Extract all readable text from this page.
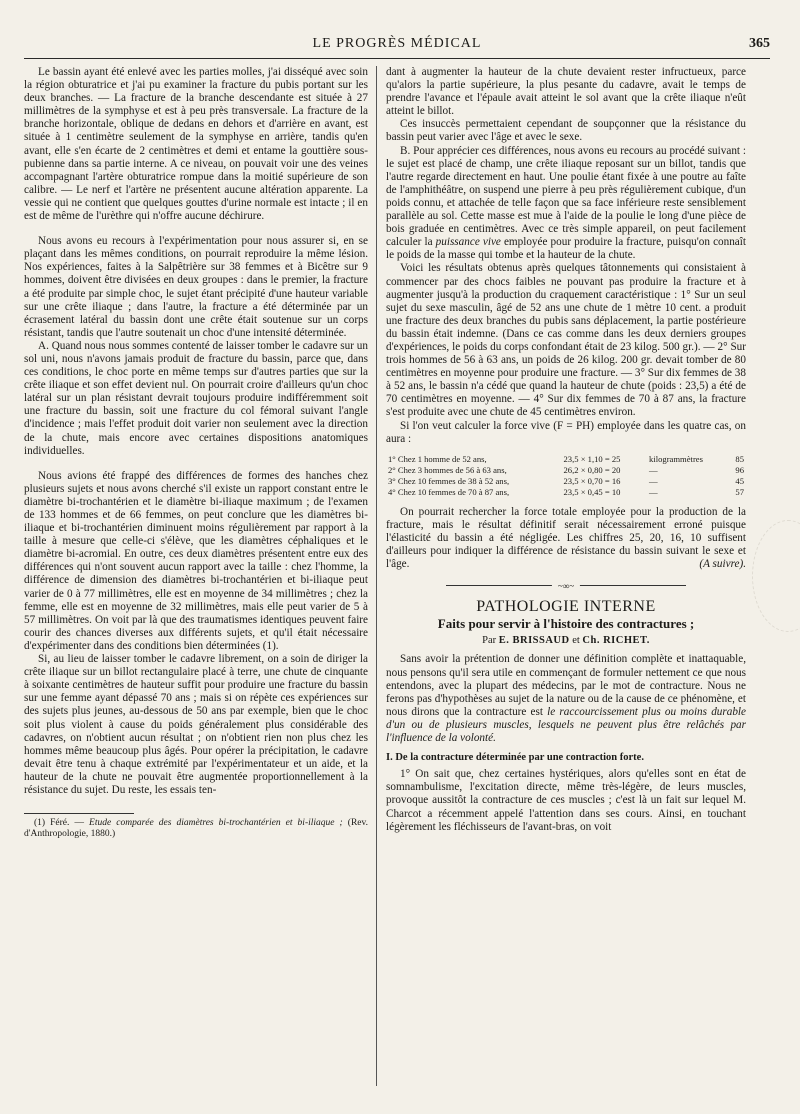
LE PROGRÈS MÉDICAL	365

Le bassin ayant été enlevé avec les parties molles, j'ai disséqué avec soin la région obturatrice et j'ai pu examiner la fracture du pubis portant sur les deux branches. — La fracture de la branche descendante est située à 27 millimètres de la symphyse et est à peu près transversale. La fracture de la branche horizontale, oblique de dedans en dehors et d'arrière en avant, est située à 1 centimètre seulement de la symphyse en arrière, tandis qu'en avant, elle s'en écarte de 2 centimètres et demi et entame la gouttière sous-pubienne dans sa partie interne. A ce niveau, on pouvait voir une des veines accompagnant l'artère obturatrice rompue dans la moitié supérieure de son calibre. — Le nerf et l'artère ne présentent aucune altération apparente. La vessie qui ne contient que quelques gouttes d'urine normale est intacte ; il en est de même de l'urèthre qui n'offre aucune déchirure.

Nous avons eu recours à l'expérimentation pour nous assurer si, en se plaçant dans les mêmes conditions, on pourrait reproduire la même lésion. Nos expériences, faites à la Salpêtrière sur 38 femmes et à Bicêtre sur 9 hommes, doivent être divisées en deux groupes : dans le premier, la fracture a été produite par simple choc, le sujet étant précipité d'une hauteur variable sur une crête iliaque ; dans l'autre, la fracture a été déterminée par un écrasement latéral du bassin dont une crête était soutenue sur un corps résistant, tandis que l'autre soutenait un choc d'une intensité déterminée.

A. Quand nous nous sommes contenté de laisser tomber le cadavre sur un sol uni, nous n'avons jamais produit de fracture du bassin, parce que, dans ces conditions, le choc porte en même temps sur d'autres parties que sur la crête iliaque et son effet devient nul. On pourrait croire d'ailleurs qu'un choc latéral sur un plan résistant devrait toujours produire indifféremment soit une fracture du bassin, soit une fracture du col fémoral suivant l'angle d'incidence ; mais l'effet produit doit varier non seulement avec la direction de la chute, mais encore avec certaines dispositions anatomiques individuelles.

Nous avions été frappé des différences de formes des hanches chez plusieurs sujets et nous avons cherché s'il existe un rapport constant entre le diamètre bi-trochantérien et le diamètre bi-iliaque maximum ; de l'examen de 133 hommes et de 66 femmes, on peut conclure que les diamètres bi-iliaque et bi-trochantérien diminuent moins régulièrement par rapport à la taille à mesure que celle-ci s'élève, que les diamètres céphaliques et le diamètre bi-acromial. En outre, ces deux diamètres présentent entre eux des différences qui n'ont souvent aucun rapport avec la taille : chez l'homme, la différence de dimension des diamètres bi-trochantérien et bi-iliaque peut varier de 0 à 77 millimètres, elle est en moyenne de 34 millimètres ; chez la femme, elle est en moyenne de 32 millimètres, mais elle peut varier de 5 à 57 millimètres. On voit par là que des traumatismes identiques peuvent faire courir des chances diverses aux différents sujets, et qu'il était nécessaire d'expérimenter dans des conditions bien déterminées (1).

Si, au lieu de laisser tomber le cadavre librement, on a soin de diriger la crête iliaque sur un billot rectangulaire placé à terre, une chute de cinquante à soixante centimètres de hauteur suffit pour produire une fracture du bassin sur une femme ayant dépassé 70 ans ; mais si on répète ces expériences sur des sujets plus jeunes, au-dessous de 50 ans par exemple, bien que le choc soit plus violent à cause du poids généralement plus considérable des cadavres, on n'obtient aucun résultat ; on n'obtient rien non plus chez les hommes même beaucoup plus âgés. Pour opérer la précipitation, le cadavre devait être tenu à chaque extrémité par l'expérimentateur et un aide, et la hauteur de la chute ne pouvait être augmentée proportionnellement à la résistance du sujet. Du reste, les essais ten-

(1) Féré. — Etude comparée des diamètres bi-trochantérien et bi-iliaque ; (Rev. d'Anthropologie, 1880.)

dant à augmenter la hauteur de la chute devaient rester infructueux, parce qu'alors la partie supérieure, la plus pesante du cadavre, avait le temps de prendre l'avance et l'épaule avait atteint le sol avant que la crête iliaque n'eût atteint le billot.

Ces insuccès permettaient cependant de soupçonner que la résistance du bassin peut varier avec l'âge et avec le sexe.

B. Pour apprécier ces différences, nous avons eu recours au procédé suivant : le sujet est placé de champ, une crête iliaque reposant sur un billot, tandis que l'autre regarde directement en haut. Une poulie étant fixée à une poutre au faîte de l'amphithéâtre, on suspend une pierre à peu près régulièrement cubique, d'un poids connu, et attachée de telle façon que sa face inférieure reste sensiblement parallèle au sol. Cette masse est mue à l'aide de la poulie le long d'une pièce de bois graduée en centimètres. Avec ce très simple appareil, on peut facilement calculer la puissance vive employée pour produire la fracture, puisqu'on connaît le poids de la masse qui tombe et la hauteur de la chute.

Voici les résultats obtenus après quelques tâtonnements qui consistaient à commencer par des chocs faibles ne pouvant pas produire la fracture et à augmenter jusqu'à la production du craquement caractéristique : 1° Sur un seul sujet du sexe masculin, âgé de 52 ans une chute de 1 mètre 10 cent. a produit une fracture des deux branches du pubis sans déplacement, la partie postérieure du bassin était indemne. (Dans ce cas comme dans les deux derniers groupes d'expériences, le poids du corps confondant était de 23 kilog. 500 gr.). — 2° Sur trois hommes de 56 à 63 ans, un poids de 26 kilog. 200 gr. devait tomber de 80 centimètres en moyenne pour produire une fracture. — 3° Sur dix femmes de 38 à 52 ans, le bassin n'a cédé que quand la hauteur de chute (poids : 23,5) a été de 70 centimètres en moyenne. — 4° Sur dix femmes de 70 à 87 ans, la fracture s'est produite avec une chute de 45 centimètres environ.

Si l'on veut calculer la force vive (F = PH) employée dans les quatre cas, on aura :

1° Chez 1 homme de 52 ans,	23,5 × 1,10 = 25	kilogrammètres	85
2° Chez 3 hommes de 56 à 63 ans,	26,2 × 0,80 = 20	—	96
3° Chez 10 femmes de 38 à 52 ans,	23,5 × 0,70 = 16	—	45
4° Chez 10 femmes de 70 à 87 ans,	23,5 × 0,45 = 10	—	57

On pourrait rechercher la force totale employée pour la production de la fracture, mais le résultat définitif serait nécessairement erroné puisque l'élasticité du bassin a été négligée. Les chiffres 25, 20, 16, 10 suffisent d'ailleurs pour indiquer la différence de résistance du bassin suivant le sexe et l'âge.	(A suivre).

~∞~
PATHOLOGIE INTERNE
Faits pour servir à l'histoire des contractures ;
Par E. BRISSAUD et Ch. RICHET.

Sans avoir la prétention de donner une définition complète et inattaquable, nous pensons qu'il sera utile en commençant de formuler nettement ce que nous entendons, avec la plupart des médecins, par le mot de contracture. Nous ne ferons pas d'hypothèses au sujet de la nature ou de la cause de ce phénomène, et nous dirons que la contracture est le raccourcissement plus ou moins durable d'un ou de plusieurs muscles, lesquels ne peuvent plus être relâchés par l'influence de la volonté.

I. De la contracture déterminée par une contraction forte.

1° On sait que, chez certaines hystériques, alors qu'elles sont en état de somnambulisme, l'excitation directe, même très-légère, de leurs muscles, provoque aussitôt la contracture de ces muscles ; c'est là un fait sur lequel M. Charcot a récemment appelé l'attention dans ses cours. Ainsi, en touchant légèrement les fléchisseurs de l'avant-bras, on voit
